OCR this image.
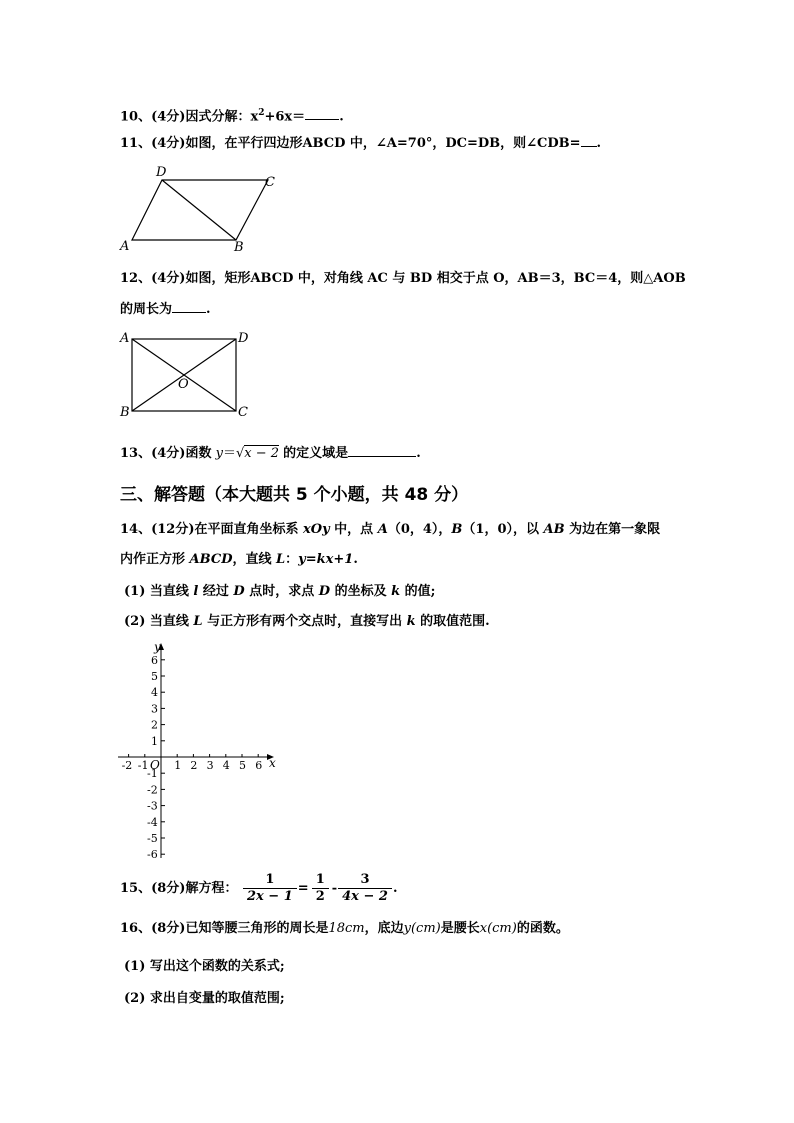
10、(4分)因式分解：$x^2+6x=$	.
11、(4分)如图，在平行四边形ABCD 中，∠A=70°，DC=DB，则∠CDB= .
A	B
C
D
12、(4分)如图，矩形ABCD 中，对角线 AC 与 BD 相交于点 O，AB＝3，BC＝4，则△AOB
的周长为	.
A	D
B	C
O
13、(4分)函数 y＝√x − 2 的定义域是	.
三、解答题（本大题共 5 个小题，共 48 分）
14、(12分)在平面直角坐标系 xOy 中，点 A（0，4），B（1，0），以 AB 为边在第一象限
内作正方形 ABCD，直线 L：y=kx+1.
(1) 当直线 l 经过 D 点时，求点 D 的坐标及 k 的值;
(2) 当直线 L 与正方形有两个交点时，直接写出 k 的取值范围.
x
y
O
-2 -1 1 2 3 4 5 6
6
5
4
3
2
1
-1
-2
-3
-4
-5
-6
15、(8分)解方程： $\frac{1}{2x - 1} = \frac{1}{2} - \frac{3}{4x - 2}$ .
16、(8分)已知等腰三角形的周长是18cm，底边y(cm)是腰长x(cm)的函数。
(1) 写出这个函数的关系式;
(2) 求出自变量的取值范围;
